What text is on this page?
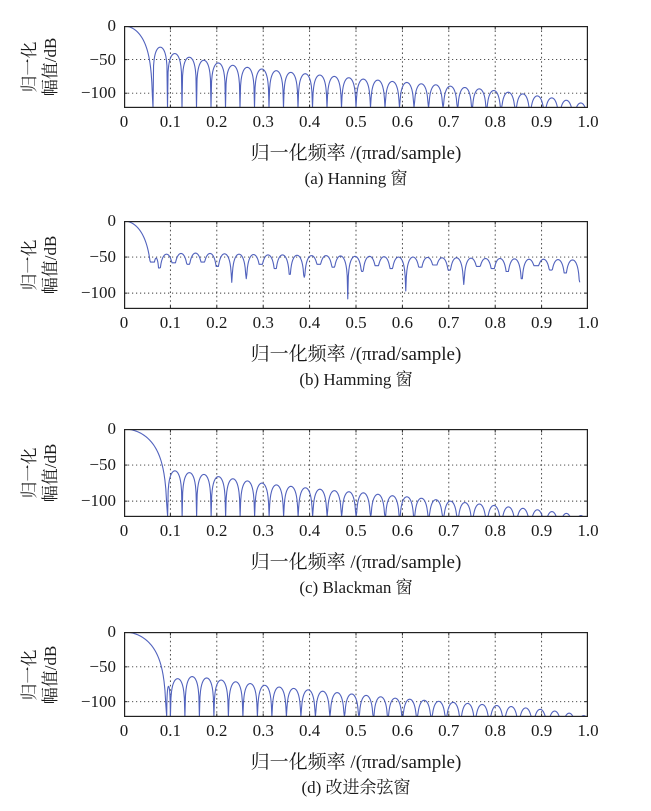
归一化 幅值/dB
归一化频率 /(πrad/sample)
(a) Hanning 窗
0
−50
−100
0	0.1	0.2	0.3	0.4	0.5	0.6	0.7	0.8	0.9	1.0
归一化 幅值/dB
归一化频率 /(πrad/sample)
(b) Hamming 窗
0
−50
−100
0	0.1	0.2	0.3	0.4	0.5	0.6	0.7	0.8	0.9	1.0
归一化 幅值/dB
归一化频率 /(πrad/sample)
(c) Blackman 窗
0
−50
−100
0	0.1	0.2	0.3	0.4	0.5	0.6	0.7	0.8	0.9	1.0
归一化 幅值/dB
归一化频率 /(πrad/sample)
(d) 改进余弦窗
0
−50
−100
0	0.1	0.2	0.3	0.4	0.5	0.6	0.7	0.8	0.9	1.0
